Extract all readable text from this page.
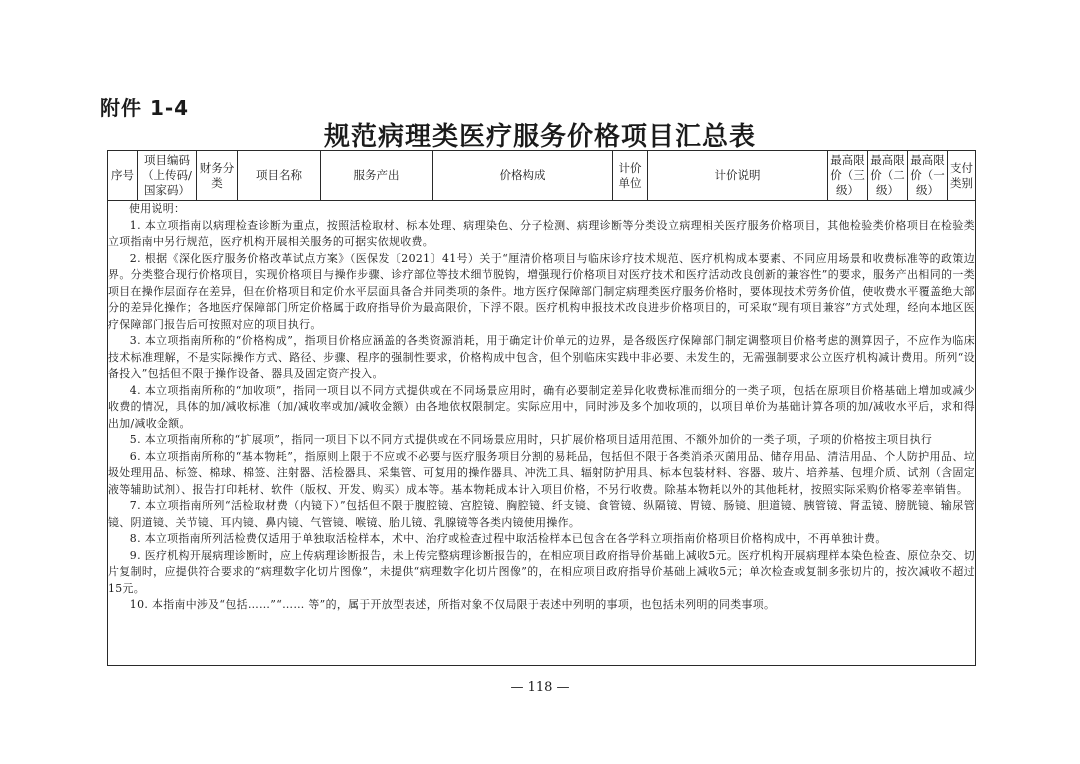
附件 1-4
规范病理类医疗服务价格项目汇总表
序号	项目编码（上传码/国家码）	财务分类	项目名称	服务产出	价格构成	计价单位	计价说明	最高限价（三级）	最高限价（二级）	最高限价（一级）	支付类别

使用说明：

1. 本立项指南以病理检查诊断为重点，按照活检取材、标本处理、病理染色、分子检测、病理诊断等分类设立病理相关医疗服务价格项目，其他检验类价格项目在检验类立项指南中另行规范，医疗机构开展相关服务的可据实依规收费。

2. 根据《深化医疗服务价格改革试点方案》（医保发〔2021〕41号）关于“厘清价格项目与临床诊疗技术规范、医疗机构成本要素、不同应用场景和收费标准等的政策边界。分类整合现行价格项目，实现价格项目与操作步骤、诊疗部位等技术细节脱钩，增强现行价格项目对医疗技术和医疗活动改良创新的兼容性”的要求，服务产出相同的一类项目在操作层面存在差异，但在价格项目和定价水平层面具备合并同类项的条件。地方医疗保障部门制定病理类医疗服务价格时，要体现技术劳务价值，使收费水平覆盖绝大部分的差异化操作；各地医疗保障部门所定价格属于政府指导价为最高限价，下浮不限。医疗机构申报技术改良进步价格项目的，可采取“现有项目兼容”方式处理，经向本地区医疗保障部门报告后可按照对应的项目执行。

3. 本立项指南所称的“价格构成”，指项目价格应涵盖的各类资源消耗，用于确定计价单元的边界，是各级医疗保障部门制定调整项目价格考虑的测算因子，不应作为临床技术标准理解，不是实际操作方式、路径、步骤、程序的强制性要求，价格构成中包含，但个别临床实践中非必要、未发生的，无需强制要求公立医疗机构减计费用。所列“设备投入”包括但不限于操作设备、器具及固定资产投入。

4. 本立项指南所称的“加收项”，指同一项目以不同方式提供或在不同场景应用时，确有必要制定差异化收费标准而细分的一类子项，包括在原项目价格基础上增加或减少收费的情况，具体的加/减收标准（加/减收率或加/减收金额）由各地依权限制定。实际应用中，同时涉及多个加收项的，以项目单价为基础计算各项的加/减收水平后，求和得出加/减收金额。

5. 本立项指南所称的“扩展项”，指同一项目下以不同方式提供或在不同场景应用时，只扩展价格项目适用范围、不额外加价的一类子项，子项的价格按主项目执行

6. 本立项指南所称的“基本物耗”，指原则上限于不应或不必要与医疗服务项目分割的易耗品，包括但不限于各类消杀灭菌用品、储存用品、清洁用品、个人防护用品、垃圾处理用品、标签、棉球、棉签、注射器、活检器具、采集管、可复用的操作器具、冲洗工具、辐射防护用具、标本包装材料、容器、玻片、培养基、包埋介质、试剂（含固定液等辅助试剂）、报告打印耗材、软件（版权、开发、购买）成本等。基本物耗成本计入项目价格，不另行收费。除基本物耗以外的其他耗材，按照实际采购价格零差率销售。

7. 本立项指南所列“活检取材费（内镜下）”包括但不限于腹腔镜、宫腔镜、胸腔镜、纤支镜、食管镜、纵隔镜、胃镜、肠镜、胆道镜、胰管镜、肾盂镜、膀胱镜、输尿管镜、阴道镜、关节镜、耳内镜、鼻内镜、气管镜、喉镜、胎儿镜、乳腺镜等各类内镜使用操作。

8. 本立项指南所列活检费仅适用于单独取活检样本，术中、治疗或检查过程中取活检样本已包含在各学科立项指南价格项目价格构成中，不再单独计费。

9. 医疗机构开展病理诊断时，应上传病理诊断报告，未上传完整病理诊断报告的，在相应项目政府指导价基础上减收5元。医疗机构开展病理样本染色检查、原位杂交、切片复制时，应提供符合要求的“病理数字化切片图像”，未提供“病理数字化切片图像”的，在相应项目政府指导价基础上减收5元；单次检查或复制多张切片的，按次减收不超过15元。

10. 本指南中涉及“包括……”“…… 等”的，属于开放型表述，所指对象不仅局限于表述中列明的事项，也包括未列明的同类事项。

— 118 —
